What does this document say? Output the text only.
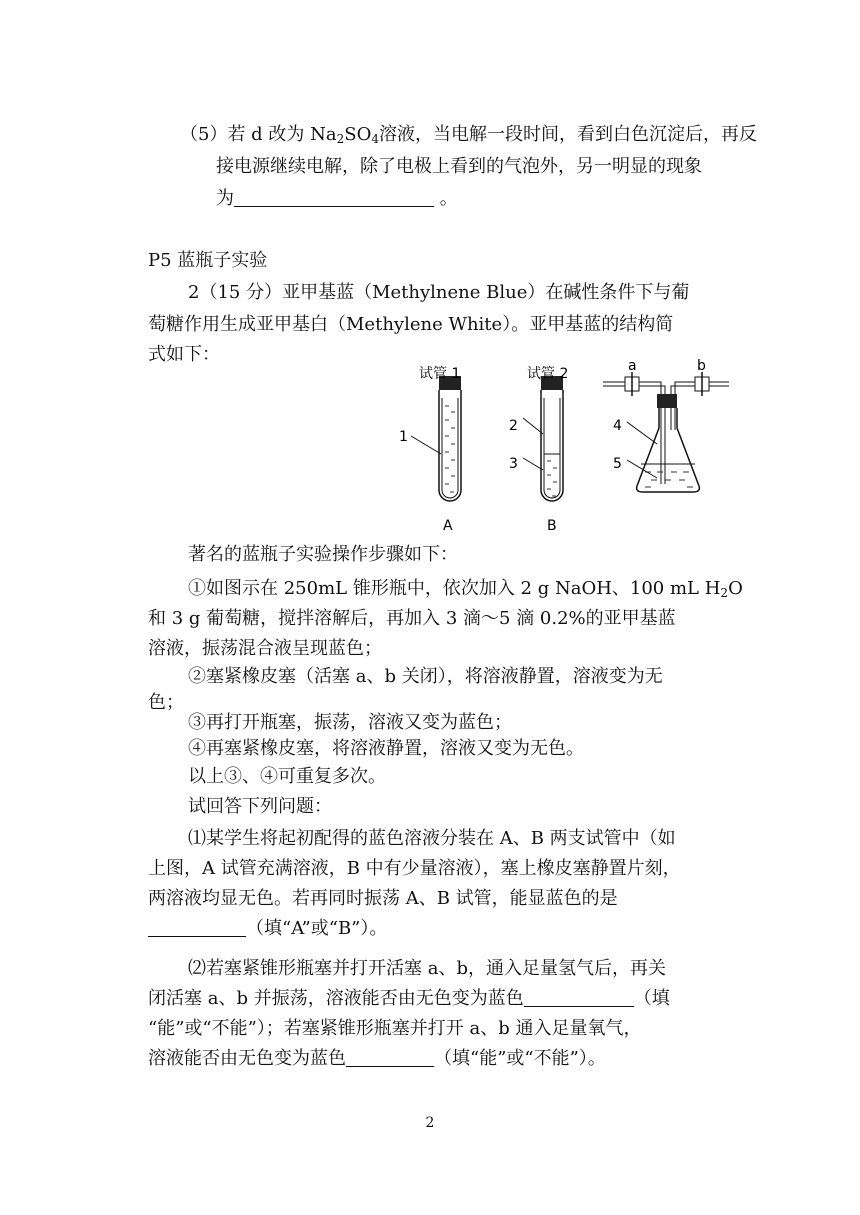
（5）若 d 改为 $Na_2SO_4$溶液，当电解一段时间，看到白色沉淀后，再反
接电源继续电解，除了电极上看到的气泡外，另一明显的现象
为	。
P5 蓝瓶子实验
2（15 分）亚甲基蓝（Methylnene Blue）在碱性条件下与葡
萄糖作用生成亚甲基白（Methylene White）。亚甲基蓝的结构简
式如下：
试管 1
1
试管 2
2
3
a	b
4
5
A	B
著名的蓝瓶子实验操作步骤如下：
①如图示在 250mL 锥形瓶中，依次加入 2 g NaOH、100 mL $H_2O$
和 3 g 葡萄糖，搅拌溶解后，再加入 3 滴～5 滴 0.2%的亚甲基蓝
溶液，振荡混合液呈现蓝色；
②塞紧橡皮塞（活塞 a、b 关闭），将溶液静置，溶液变为无
色；
③再打开瓶塞，振荡，溶液又变为蓝色；
④再塞紧橡皮塞，将溶液静置，溶液又变为无色。
以上③、④可重复多次。
试回答下列问题：
⑴某学生将起初配得的蓝色溶液分装在 A、B 两支试管中（如
上图，A 试管充满溶液，B 中有少量溶液），塞上橡皮塞静置片刻，
两溶液均显无色。若再同时振荡 A、B 试管，能显蓝色的是
（填“A”或“B”）。
⑵若塞紧锥形瓶塞并打开活塞 a、b，通入足量氢气后，再关
闭活塞 a、b 并振荡，溶液能否由无色变为蓝色	（填
“能”或“不能”）；若塞紧锥形瓶塞并打开 a、b 通入足量氧气，
溶液能否由无色变为蓝色	（填“能”或“不能”）。
2
